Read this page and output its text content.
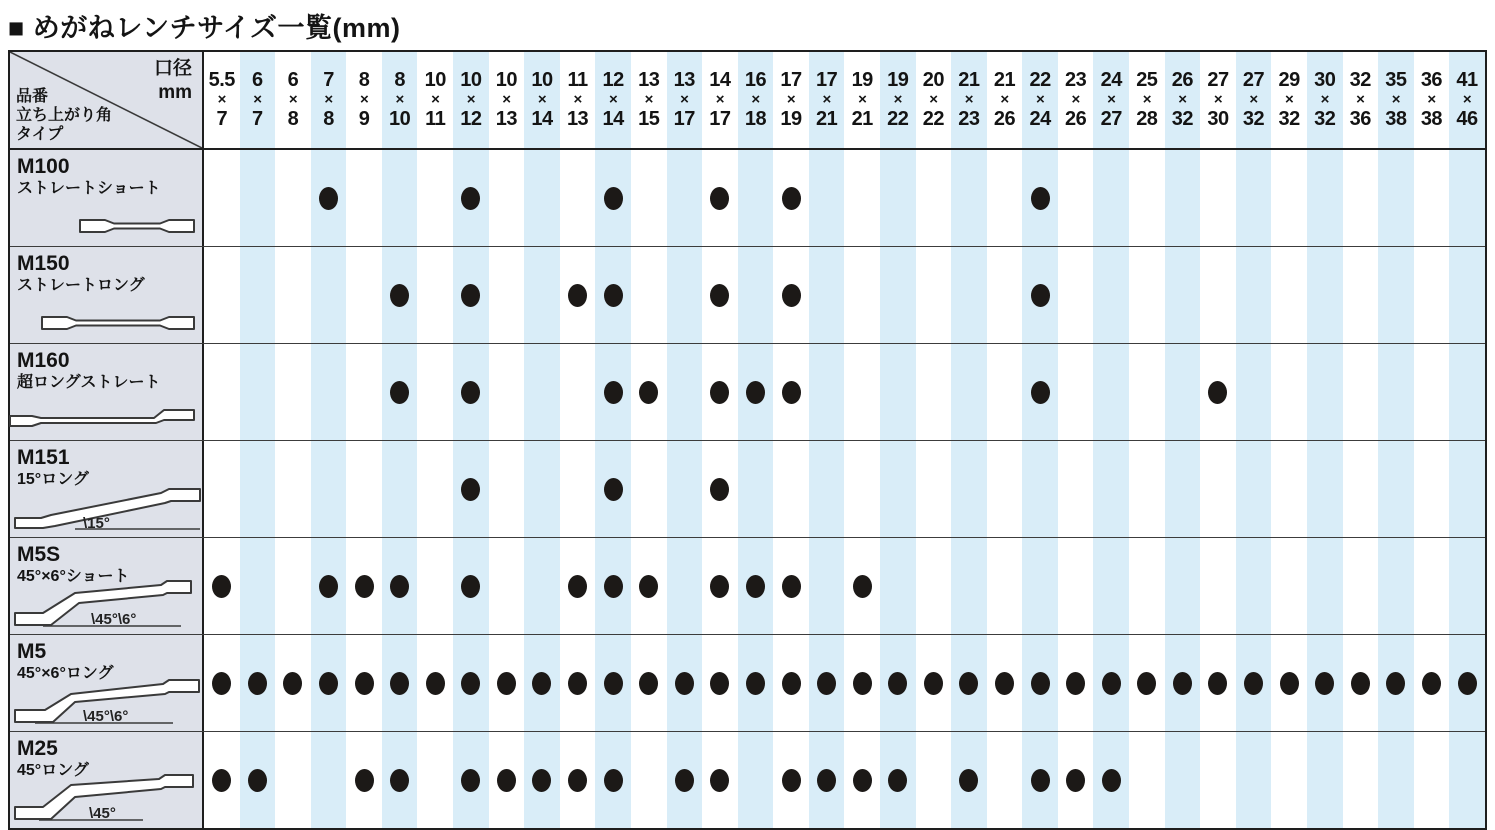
■ めがねレンチサイズ一覧(mm)
口径
mm
品番
立ち上がり角
タイプ
5.5
×
7
6
×
7
6
×
8
7
×
8
8
×
9
8
×
10
10
×
11
10
×
12
10
×
13
10
×
14
11
×
13
12
×
14
13
×
15
13
×
17
14
×
17
16
×
18
17
×
19
17
×
21
19
×
21
19
×
22
20
×
22
21
×
23
21
×
26
22
×
24
23
×
26
24
×
27
25
×
28
26
×
32
27
×
30
27
×
32
29
×
32
30
×
32
32
×
36
35
×
38
36
×
38
41
×
46
M100
ストレートショート
M150
ストレートロング
M160
超ロングストレート
M151
15°ロング
\15°
M5S
45°×6°ショート
\45°\6°
M5
45°×6°ロング
\45°\6°
M25
45°ロング
\45°
